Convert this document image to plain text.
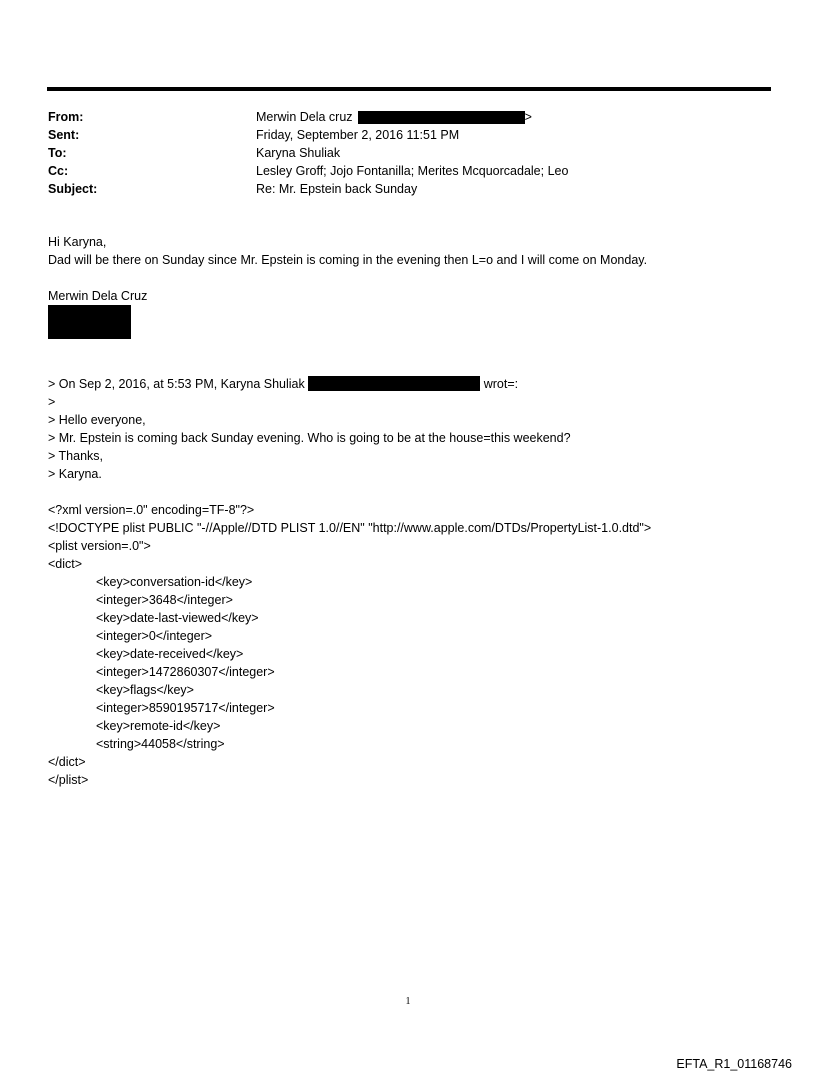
From:	Merwin Dela cruz	>
Sent:	Friday, September 2, 2016 11:51 PM
To:	Karyna Shuliak
Cc:	Lesley Groff; Jojo Fontanilla; Merites Mcquorcadale; Leo
Subject:	Re: Mr. Epstein back Sunday
Hi Karyna,
Dad will be there on Sunday since Mr. Epstein is coming in the evening then L=o and I will come on Monday.
Merwin Dela Cruz
> On Sep 2, 2016, at 5:53 PM, Karyna Shuliak	wrot=:
>
> Hello everyone,
> Mr. Epstein is coming back Sunday evening. Who is going to be at the house=this weekend?
> Thanks,
> Karyna.
<?xml version=.0" encoding=TF-8"?>
<!DOCTYPE plist PUBLIC "-//Apple//DTD PLIST 1.0//EN" "http://www.apple.com/DTDs/PropertyList-1.0.dtd">
<plist version=.0">
<dict>
<key>conversation-id</key>
<integer>3648</integer>
<key>date-last-viewed</key>
<integer>0</integer>
<key>date-received</key>
<integer>1472860307</integer>
<key>flags</key>
<integer>8590195717</integer>
<key>remote-id</key>
<string>44058</string>
</dict>
</plist>
1
EFTA_R1_01168746
